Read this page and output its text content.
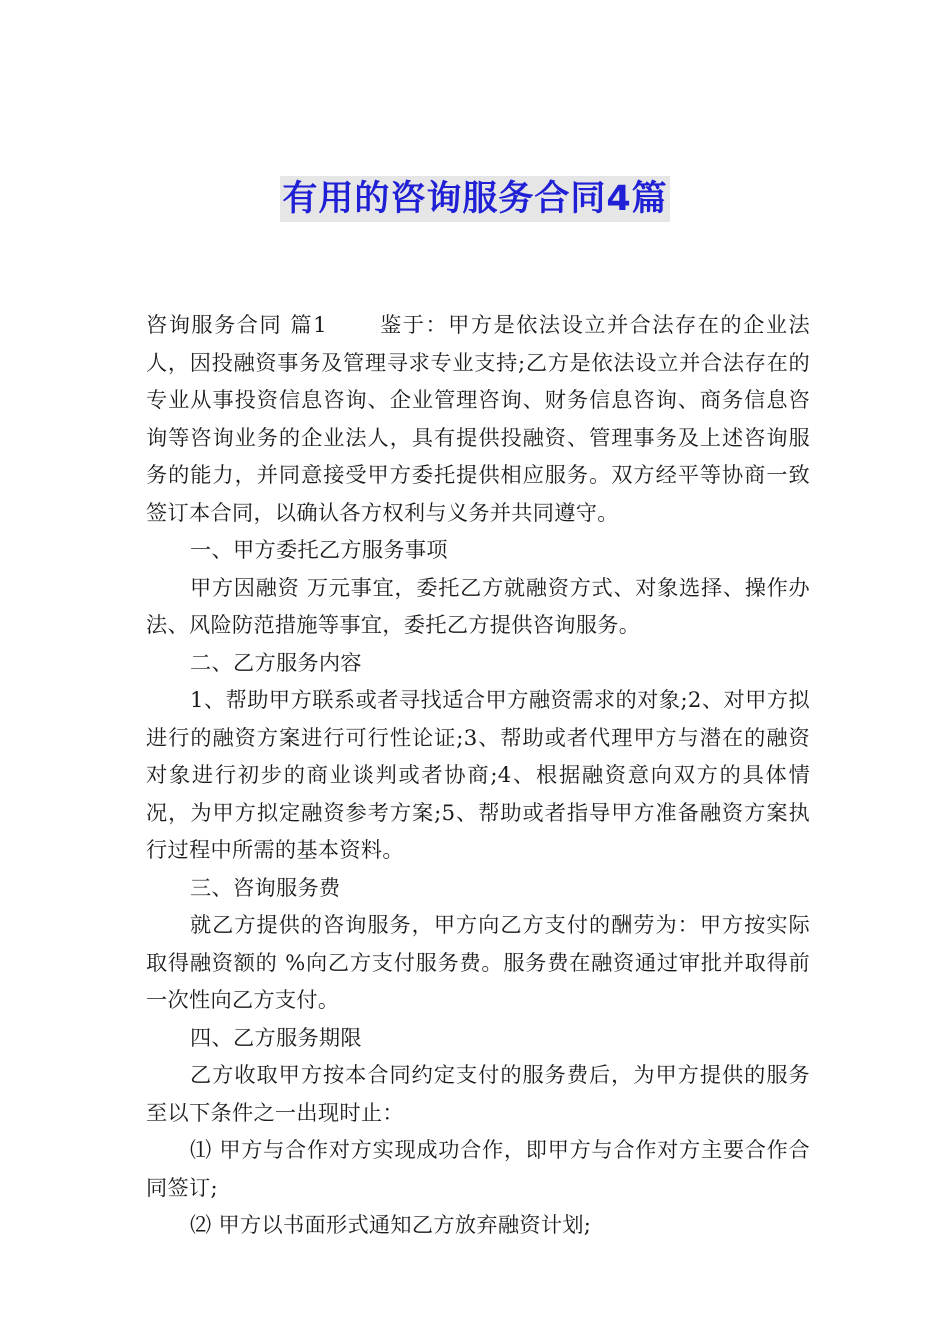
有用的咨询服务合同4篇

咨询服务合同 篇1 鉴于：甲方是依法设立并合法存在的企业法人，因投融资事务及管理寻求专业支持;乙方是依法设立并合法存在的专业从事投资信息咨询、企业管理咨询、财务信息咨询、商务信息咨询等咨询业务的企业法人，具有提供投融资、管理事务及上述咨询服务的能力，并同意接受甲方委托提供相应服务。双方经平等协商一致签订本合同，以确认各方权利与义务并共同遵守。

一、甲方委托乙方服务事项

甲方因融资 万元事宜，委托乙方就融资方式、对象选择、操作办法、风险防范措施等事宜，委托乙方提供咨询服务。

二、乙方服务内容

1、帮助甲方联系或者寻找适合甲方融资需求的对象;2、对甲方拟进行的融资方案进行可行性论证;3、帮助或者代理甲方与潜在的融资对象进行初步的商业谈判或者协商;4、根据融资意向双方的具体情况，为甲方拟定融资参考方案;5、帮助或者指导甲方准备融资方案执行过程中所需的基本资料。

三、咨询服务费

就乙方提供的咨询服务，甲方向乙方支付的酬劳为：甲方按实际取得融资额的 %向乙方支付服务费。服务费在融资通过审批并取得前一次性向乙方支付。

四、乙方服务期限

乙方收取甲方按本合同约定支付的服务费后，为甲方提供的服务至以下条件之一出现时止：

⑴ 甲方与合作对方实现成功合作，即甲方与合作对方主要合作合同签订;

⑵ 甲方以书面形式通知乙方放弃融资计划;
